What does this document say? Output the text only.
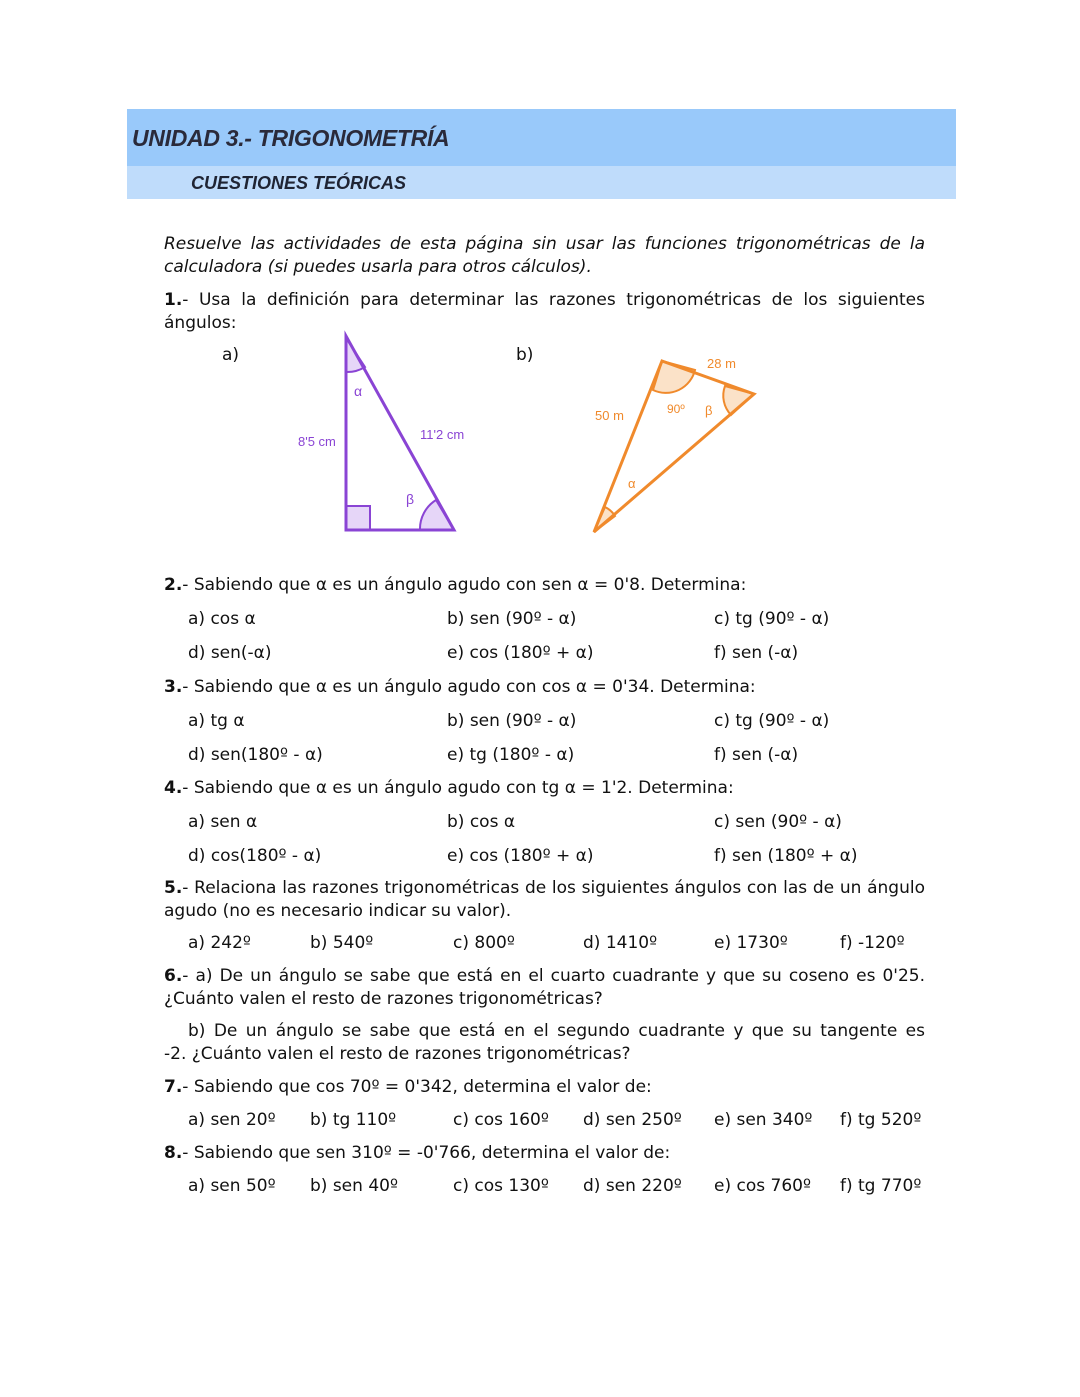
UNIDAD 3.- TRIGONOMETRÍA
CUESTIONES TEÓRICAS
Resuelve las actividades de esta página sin usar las funciones trigonométricas de la calculadora (si puedes usarla para otros cálculos).
1.- Usa la definición para determinar las razones trigonométricas de los siguientes ángulos:
a)	b)
α
β
8'5 cm	11'2 cm
28 m
50 m	90º β
α
2.- Sabiendo que α es un ángulo agudo con sen α = 0'8. Determina:
a) cos α	b) sen (90º - α)	c) tg (90º - α)
d) sen(-α)	e) cos (180º + α)	f) sen (-α)
3.- Sabiendo que α es un ángulo agudo con cos α = 0'34. Determina:
a) tg α	b) sen (90º - α)	c) tg (90º - α)
d) sen(180º - α)	e) tg (180º - α)	f) sen (-α)
4.- Sabiendo que α es un ángulo agudo con tg α = 1'2. Determina:
a) sen α	b) cos α	c) sen (90º - α)
d) cos(180º - α)	e) cos (180º + α)	f) sen (180º + α)
5.- Relaciona las razones trigonométricas de los siguientes ángulos con las de un ángulo agudo (no es necesario indicar su valor).
a) 242º	b) 540º	c) 800º	d) 1410º	e) 1730º	f) -120º
6.- a) De un ángulo se sabe que está en el cuarto cuadrante y que su coseno es 0'25. ¿Cuánto valen el resto de razones trigonométricas?
b) De un ángulo se sabe que está en el segundo cuadrante y que su tangente es
-2. ¿Cuánto valen el resto de razones trigonométricas?
7.- Sabiendo que cos 70º = 0'342, determina el valor de:
a) sen 20º b) tg 110º	c) cos 160º d) sen 250º e) sen 340º f) tg 520º
8.- Sabiendo que sen 310º = -0'766, determina el valor de:
a) sen 50º b) sen 40º	c) cos 130º d) sen 220º e) cos 760º f) tg 770º
